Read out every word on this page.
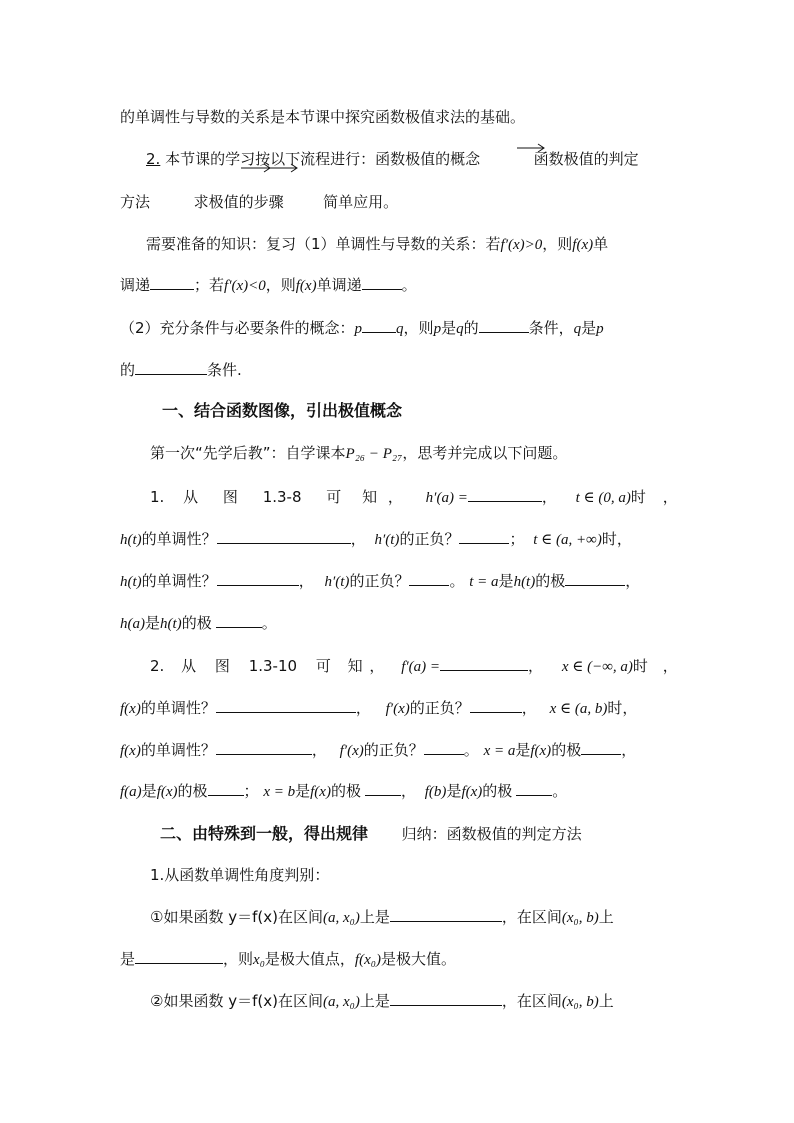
的单调性与导数的关系是本节课中探究函数极值求法的基础。
2. 本节课的学习按以下流程进行：函数极值的概念	函数极值的判定
方法	求极值的步骤	简单应用。
需要准备的知识：复习（1）单调性与导数的关系：若f′(x)>0，则f(x)单
调递	；若f′(x)<0，则f(x)单调递	。
（2）充分条件与必要条件的概念：p q，则p是q的	条件，q是p
的	条件.
一、结合函数图像，引出极值概念
第一次“先学后教”：自学课本P₂₆ − P₂₇，思考并完成以下问题。
1. 从 图 1.3-8 可 知 ， h′(a) =	， t ∈ (0, a)时 ，
h(t)的单调性？	， h′(t)的正负？	； t ∈ (a, +∞)时，
h(t)的单调性？	， h′(t)的正负？	。 t = a是h(t)的极	，
h(a)是h(t)的极	。
2. 从 图 1.3-10 可 知 ， f′(a) =	， x ∈ (−∞, a)时 ，
f(x)的单调性？	， f′(x)的正负？	， x ∈ (a, b)时，
f(x)的单调性？	， f′(x)的正负？	。 x = a是f(x)的极	，
f(a)是f(x)的极 ； x = b是f(x)的极	， f(b)是f(x)的极	。
二、由特殊到一般，得出规律 归纳：函数极值的判定方法
1.从函数单调性角度判别：
①如果函数 y＝f(x)在区间(a, x₀)上是	，在区间(x₀, b)上
是	，则x₀是极大值点，f(x₀)是极大值。
②如果函数 y＝f(x)在区间(a, x₀)上是	，在区间(x₀, b)上
